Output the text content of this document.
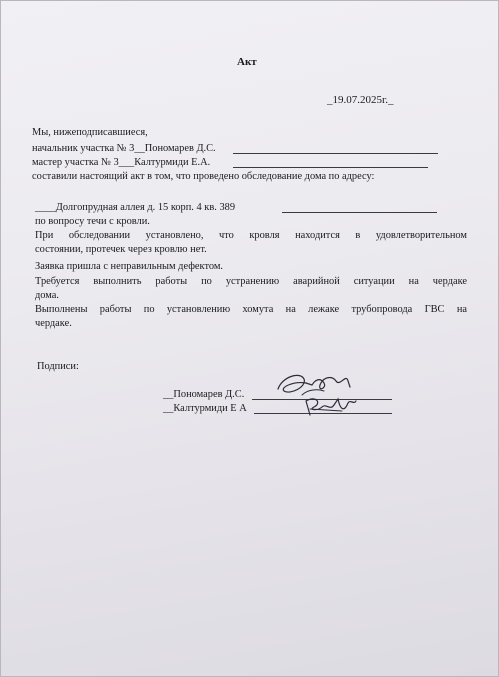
Акт
_19.07.2025г._
Мы, нижеподписавшиеся,
начальник участка № 3__Пономарев Д.С.
мастер участка № 3___Калтурмиди Е.А.
составили настоящий акт в том, что проведено обследование дома по адресу:
____Долгопрудная аллея д. 15 корп. 4 кв. 389
по вопросу течи с кровли.
При обследовании установлено, что кровля находится в удовлетворительном
состоянии, протечек через кровлю нет.
Заявка пришла с неправильным дефектом.
Требуется выполнить работы по устранению аварийной ситуации на чердаке
дома.
Выполнены работы по установлению хомута на лежаке трубопровода ГВС на
чердаке.
Подписи:
__Пономарев Д.С.
__Калтурмиди Е А
